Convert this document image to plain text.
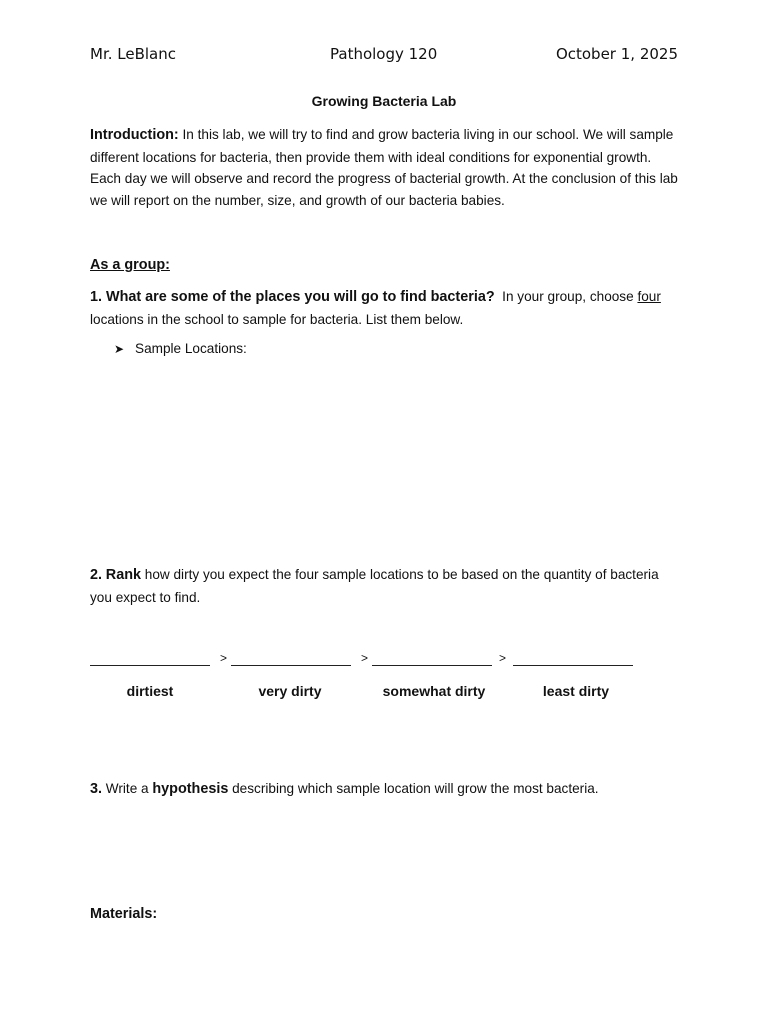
Mr. LeBlanc	Pathology 120	October 1, 2025
Growing Bacteria Lab
Introduction: In this lab, we will try to find and grow bacteria living in our school. We will sample different locations for bacteria, then provide them with ideal conditions for exponential growth. Each day we will observe and record the progress of bacterial growth. At the conclusion of this lab we will report on the number, size, and growth of our bacteria babies.
As a group:
1. What are some of the places you will go to find bacteria?  In your group, choose four locations in the school to sample for bacteria. List them below.
➤ Sample Locations:
2. Rank how dirty you expect the four sample locations to be based on the quantity of bacteria you expect to find.
>	>	>
dirtiest	very dirty	somewhat dirty	least dirty
3. Write a hypothesis describing which sample location will grow the most bacteria.
Materials:
